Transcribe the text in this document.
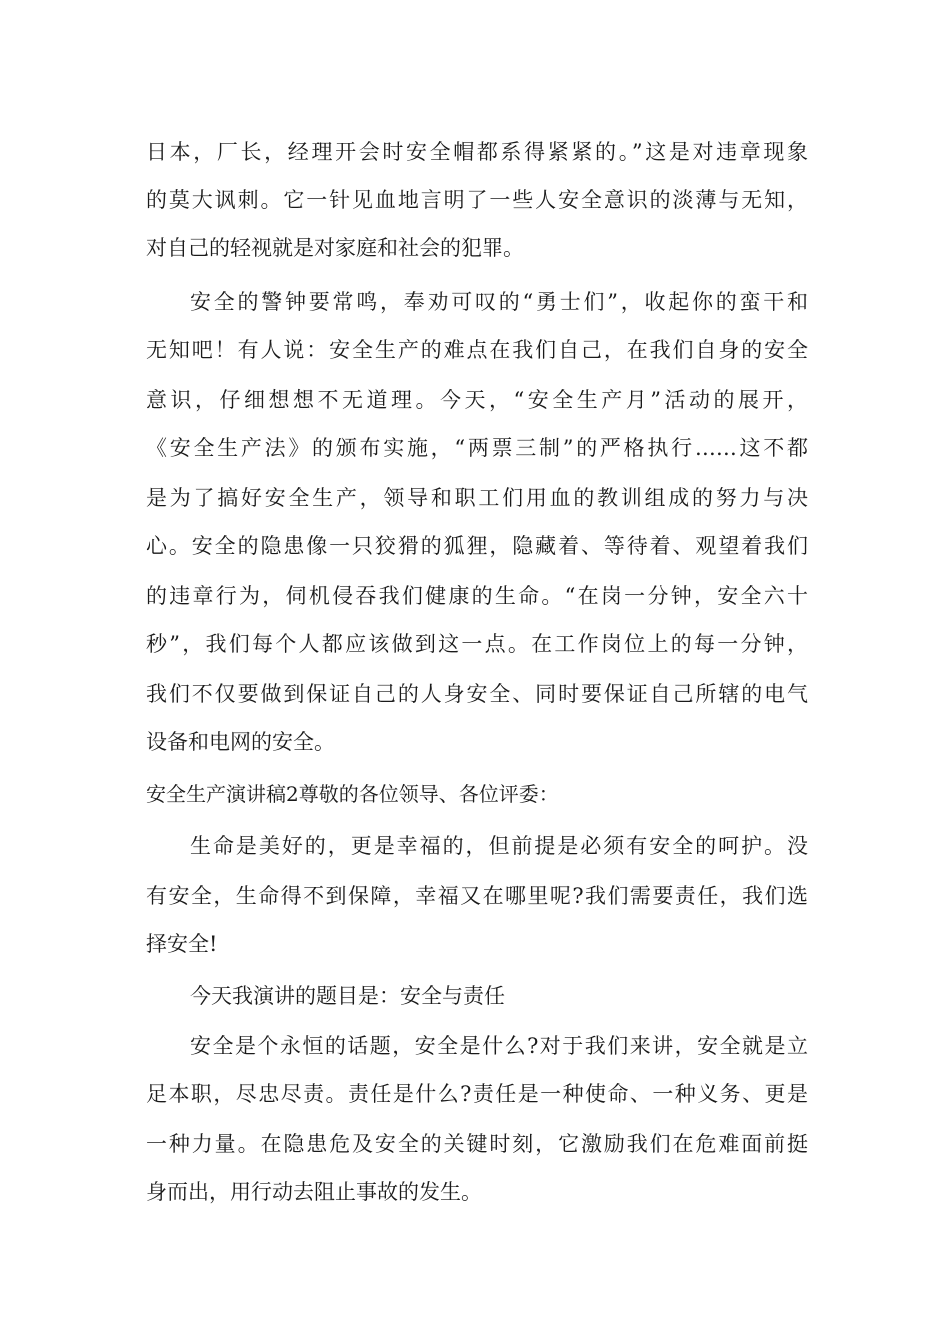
日本，厂长，经理开会时安全帽都系得紧紧的。”这是对违章现象
的莫大讽刺。它一针见血地言明了一些人安全意识的淡薄与无知，
对自己的轻视就是对家庭和社会的犯罪。
安全的警钟要常鸣，奉劝可叹的“勇士们”，收起你的蛮干和
无知吧！有人说：安全生产的难点在我们自己，在我们自身的安全
意识，仔细想想不无道理。今天，“安全生产月”活动的展开，
《安全生产法》的颁布实施，“两票三制”的严格执行……这不都
是为了搞好安全生产，领导和职工们用血的教训组成的努力与决
心。安全的隐患像一只狡猾的狐狸，隐藏着、等待着、观望着我们
的违章行为，伺机侵吞我们健康的生命。“在岗一分钟，安全六十
秒”，我们每个人都应该做到这一点。在工作岗位上的每一分钟，
我们不仅要做到保证自己的人身安全、同时要保证自己所辖的电气
设备和电网的安全。
安全生产演讲稿2尊敬的各位领导、各位评委：
生命是美好的，更是幸福的，但前提是必须有安全的呵护。没
有安全，生命得不到保障，幸福又在哪里呢?我们需要责任，我们选
择安全!
今天我演讲的题目是：安全与责任
安全是个永恒的话题，安全是什么?对于我们来讲，安全就是立
足本职，尽忠尽责。责任是什么?责任是一种使命、一种义务、更是
一种力量。在隐患危及安全的关键时刻，它激励我们在危难面前挺
身而出，用行动去阻止事故的发生。
